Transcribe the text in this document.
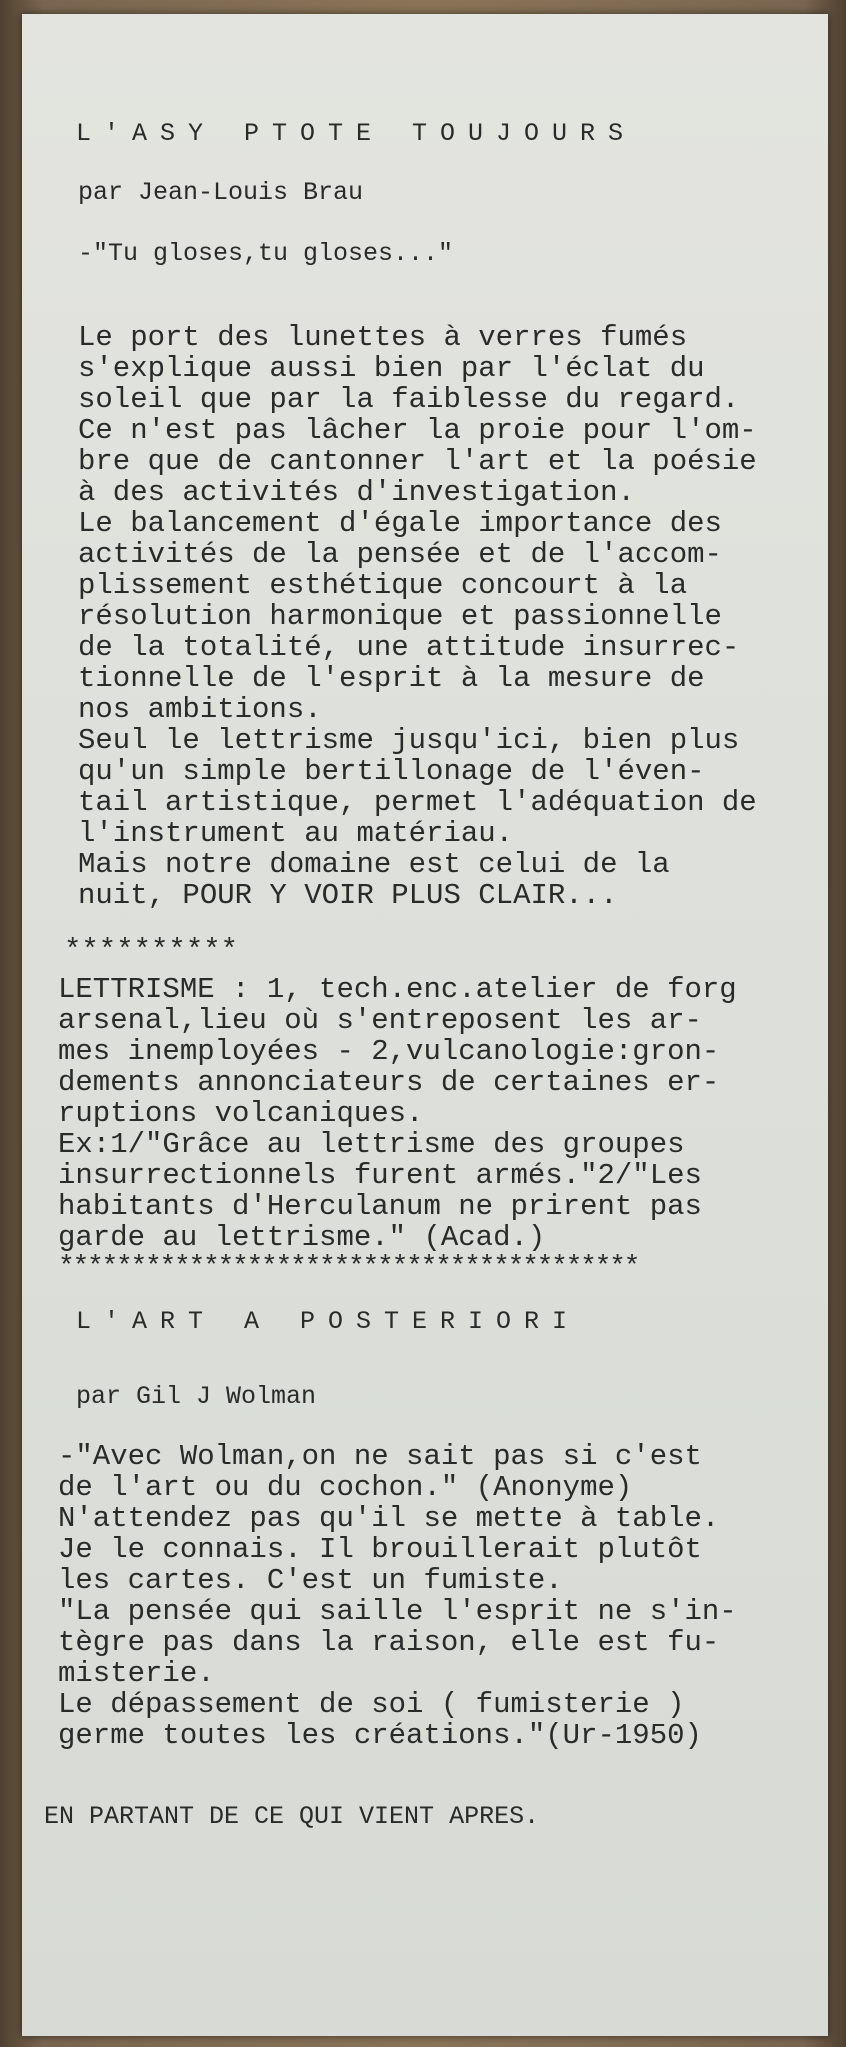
L'ASY PTOTE TOUJOURS
par Jean-Louis Brau
-"Tu gloses,tu gloses..."
Le port des lunettes à verres fumés
s'explique aussi bien par l'éclat du
soleil que par la faiblesse du regard.
Ce n'est pas lâcher la proie pour l'om-
bre que de cantonner l'art et la poésie
à des activités d'investigation.
Le balancement d'égale importance des
activités de la pensée et de l'accom-
plissement esthétique concourt à la
résolution harmonique et passionnelle
de la totalité, une attitude insurrec-
tionnelle de l'esprit à la mesure de
nos ambitions.
Seul le lettrisme jusqu'ici, bien plus
qu'un simple bertillonage de l'éven-
tail artistique, permet l'adéquation de
l'instrument au matériau.
Mais notre domaine est celui de la
nuit, POUR Y VOIR PLUS CLAIR...
**********
LETTRISME : 1, tech.enc.atelier de forg
arsenal,lieu où s'entreposent les ar-
mes inemployées - 2,vulcanologie:gron-
dements annonciateurs de certaines er-
ruptions volcaniques.
Ex:1/"Grâce au lettrisme des groupes
insurrectionnels furent armés."2/"Les
habitants d'Herculanum ne prirent pas
garde au lettrisme." (Acad.)
****************************************
L'ART A POSTERIORI
par Gil J Wolman
-"Avec Wolman,on ne sait pas si c'est
de l'art ou du cochon." (Anonyme)
N'attendez pas qu'il se mette à table.
Je le connais. Il brouillerait plutôt
les cartes. C'est un fumiste.
"La pensée qui saille l'esprit ne s'in-
tègre pas dans la raison, elle est fu-
misterie.
Le dépassement de soi ( fumisterie )
germe toutes les créations."(Ur-1950)
EN PARTANT DE CE QUI VIENT APRES.
